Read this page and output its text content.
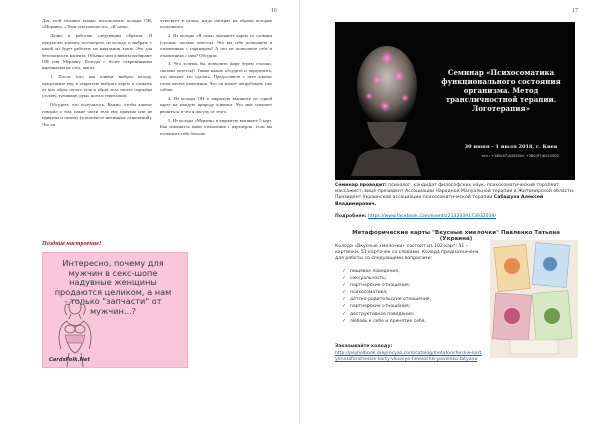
16

Для этой техники можно использовать колоды ОН, «Мораин», «Тени сексуальности», «Я сама».

Лично я работаю следующим образом. Я предлагаю клиенту посмотреть на колоду, и выбрать с какой он будет работать на начальном этапе. Это для безопасности клиента. Обычно мои клиенты выбирают ОН или Мораину. Колоды с более откровенными картинками на след. шагах.

1. После того как клиент выбрал колоду, предложите ему в открытую выбрать карты и сложить из них образ своего тела и образ тела своего партнёра (голову, туловище, руки, ноги и гениталии).

Обсудите, что получилось. Важно, чтобы клиент говорил о том, какие части тела ему приятно или не приятны и почему (в контексте интимных отношений). Что он

чувствует в целом, когда смотрит на образы которые получились.

2. Из колоды «Я сама» вытяните карты со словами (столько сколько хочется). Что вы себе позволяете в отношениях с партнером? А что не позволяете себе в отношениях с ним? Обсудим.

3. Что хочешь бы позволить (карт берем столько, сколько хочется)? Также важно обсудить и определить, что мешает это сделать. Предоставьте с чего клиент готов начать изменения. Что он может попробовать уже сейчас.

4. Из колоды ОН в закрытую вытяните по одной карте на каждую природу клиента. Что мне поможет решиться, и что я получу от этого.

5. Из колоды «Мораин» в закрытую вытяните 5 карт. Как изменится ваши отношения с партнером, если вы позволите себе больше.

Поздние настроение!
Интересно, почему для мужчин в секс-шопе надувные женщины продаются целиком, а нам - только "запчасти" от мужчин...?
CardsFolk.Net
17
Семинар «Психосоматика функционального состояния организма. Метод трансличностной терапии. Логотерапия»
30 июня – 1 июля 2018, г. Киев
тел.: +380(67)4455000 +380(97)6152000
Семинар проводит: психолог, кандидат философских наук, психосоматический терапевт, массажист, вице-президент Ассоциации Народной Мануальной терапии в Житомирской области, Президент Украинской ассоциации психосоматической терапии Сабадуха Алексей Владимирович.
Подробнее: https://www.facebook.com/events/2132039173932039/
Метафорические карты "Вкусные хмелочки" Павленко Татьяна (Украина)
Колода «Вкусные хмелочки» состоит из 102 карт: 51 – картинки, 51 карточек со словами. Колода предназначена для работы со следующими вопросами:
✓ пищевое поведение;
✓ сексуальность;
✓ партнерские отношения;
✓ психосоматика;
✓ детско-родительские отношения;
✓ партнерские отношения;
✓ деструктивное поведение;
✓ любовь к себе и принятие себя.
Заказывайте колоду:
http://psyholbook.dreprecyaz.com/catalog/metaforicheskie-karty/metaforicheskie-karty-vkusnye-hmelochki-pavlenko-tatyana
